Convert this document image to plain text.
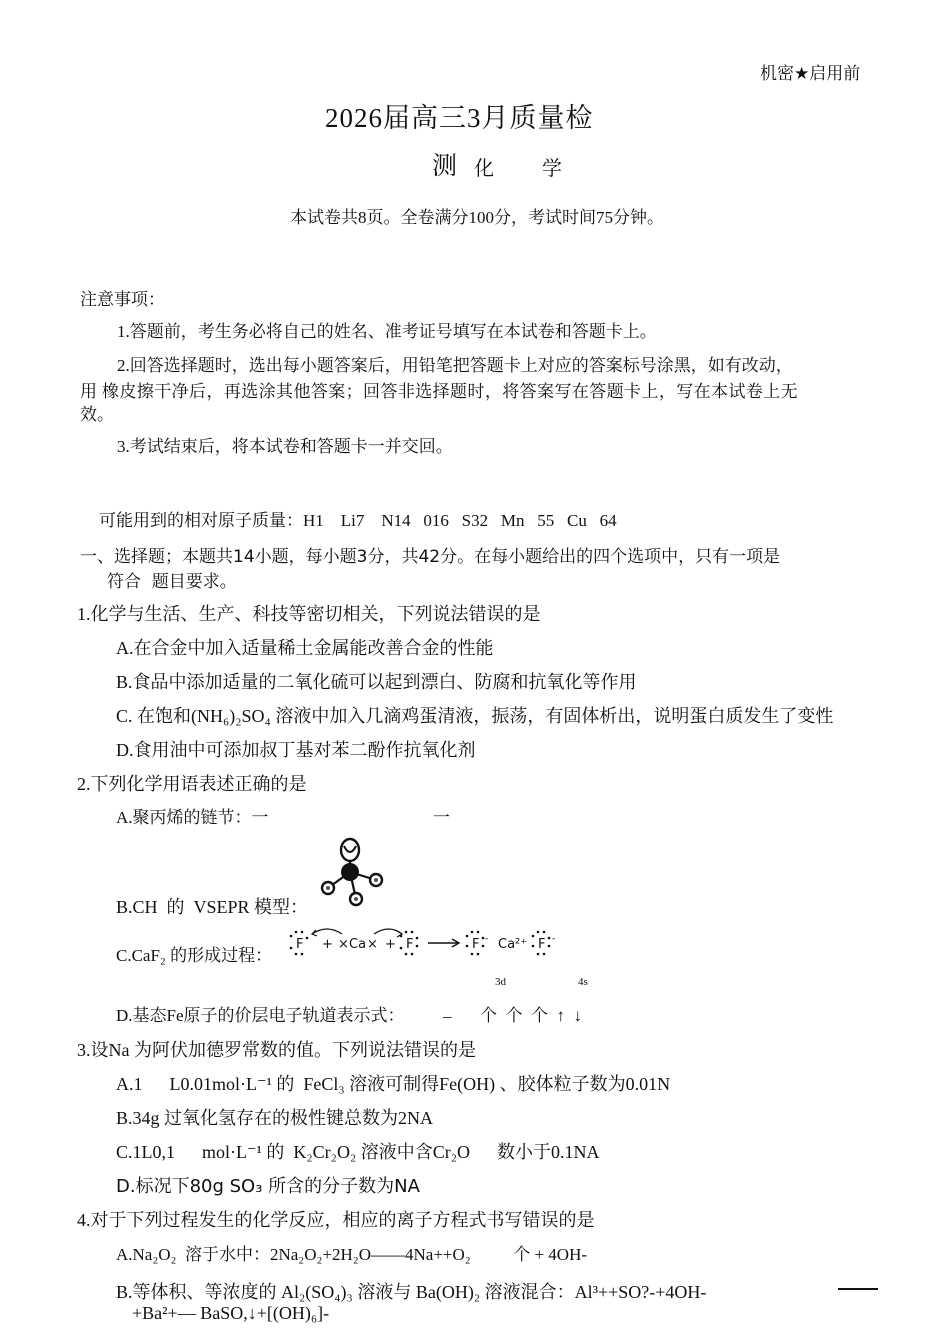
机密★启用前
2026届高三3月质量检
测 化 学
本试卷共8页。全卷满分100分，考试时间75分钟。
注意事项：
1.答题前，考生务必将自己的姓名、准考证号填写在本试卷和答题卡上。
2.回答选择题时，选出每小题答案后，用铅笔把答题卡上对应的答案标号涂黑，如有改动，
用 橡皮擦干净后，再选涂其他答案；回答非选择题时，将答案写在答题卡上，写在本试卷上无
效。
3.考试结束后，将本试卷和答题卡一并交回。
可能用到的相对原子质量：H1    Li7    N14   016   S32   Mn   55   Cu   64
一、选择题；本题共14小题，每小题3分，共42分。在每小题给出的四个选项中，只有一项是
符合  题目要求。
1.化学与生活、生产、科技等密切相关，下列说法错误的是
A.在合金中加入适量稀土金属能改善合金的性能
B.食品中添加适量的二氧化硫可以起到漂白、防腐和抗氧化等作用
C. 在饱和(NH₆)₂SO₄ 溶液中加入几滴鸡蛋清液，振荡，有固体析出，说明蛋白质发生了变性
D.食用油中可添加叔丁基对苯二酚作抗氧化剂
2.下列化学用语表述正确的是
A.聚丙烯的链节：一	一
B.CH  的  VSEPR 模型：
C.CaF₂ 的形成过程：
F + × Ca × + F	F - Ca²⁺ F -
3d	4s
D.基态Fe原子的价层电子轨道表示式： _ 个  个  个  ↑  ↓
3.设Na 为阿伏加德罗常数的值。下列说法错误的是
A.1      L0.01mol·L⁻¹ 的  FeCl₃ 溶液可制得Fe(OH) 、胶体粒子数为0.01N
B.34g 过氧化氢存在的极性键总数为2NA
C.1L0,1      mol·L⁻¹ 的  K₂Cr₂O₂ 溶液中含Cr₂O      数小于0.1NA
D.标况下80g SO₃ 所含的分子数为NA
4.对于下列过程发生的化学反应，相应的离子方程式书写错误的是
A.Na₂O₂  溶于水中：2Na₂O₂+2H₂O——4Na++O₂          个 + 4OH-
B.等体积、等浓度的 Al₂(SO₄)₃ 溶液与 Ba(OH)₂ 溶液混合：Al³++SO?-+4OH-
+Ba²+— BaSO,↓+[(OH)₆]-
